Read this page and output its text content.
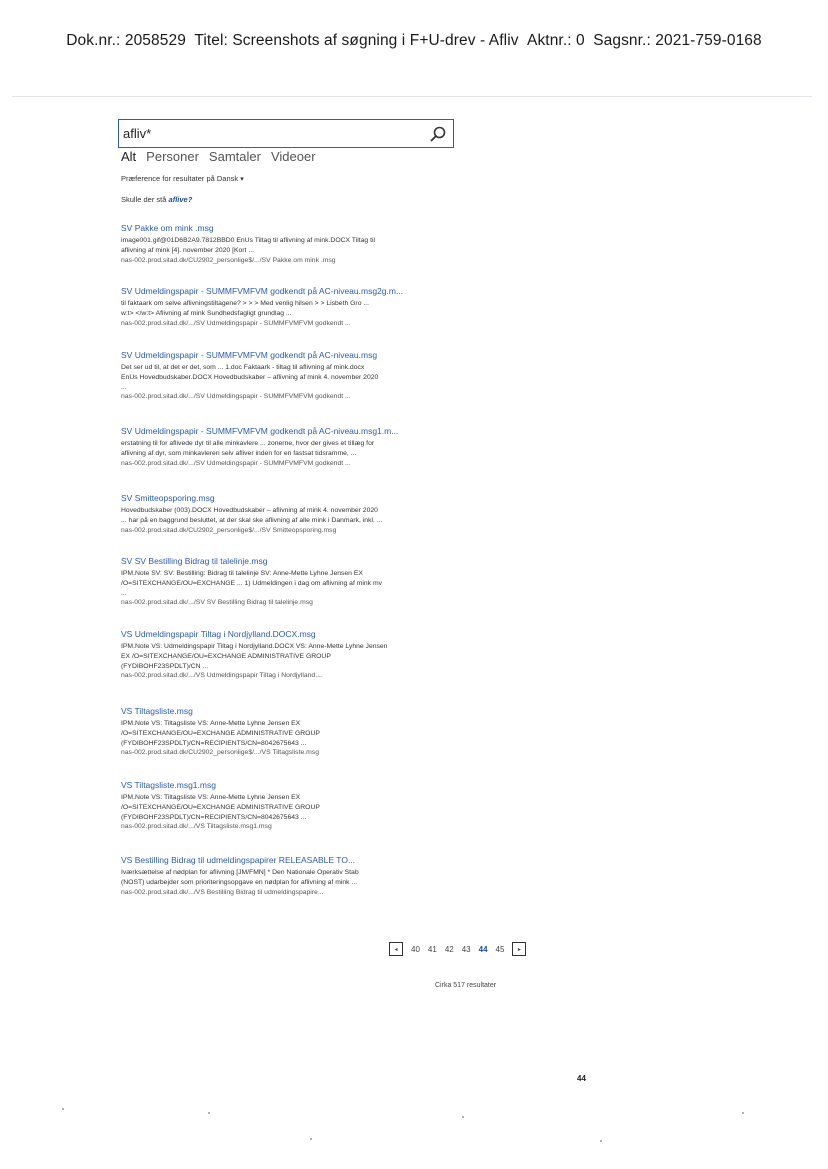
Dok.nr.: 2058529 Titel: Screenshots af søgning i F+U-drev - Afliv Aktnr.: 0 Sagsnr.: 2021-759-0168
afliv*
Alt Personer Samtaler Videoer
Præference for resultater på Dansk ▾
Skulle der stå aflive?
SV Pakke om mink .msg

image001.gif@01D6B2A9.7812BBD0 EnUs Tiltag til aflivning af mink.DOCX Tiltag til

aflivning af mink [4]. november 2020 [Kort ...

nas-002.prod.sitad.dk/CU2902_personlige$/.../SV Pakke om mink .msg
SV Udmeldingspapir - SUMMFVMFVM godkendt på AC-niveau.msg2g.m...

til faktaark om selve aflivningstiltagene? > > > Med venlig hilsen > > Lisbeth Gro ...

w:t> </w:t> Aflivning af mink Sundhedsfagligt grundlag ...

nas-002.prod.sitad.dk/.../SV Udmeldingspapir - SUMMFVMFVM godkendt ...
SV Udmeldingspapir - SUMMFVMFVM godkendt på AC-niveau.msg

Det ser ud til, at det er det, som ... 1.doc Faktaark - tiltag til aflivning af mink.docx

EnUs Hovedbudskaber.DOCX Hovedbudskaber – aflivning af mink 4. november 2020

...

nas-002.prod.sitad.dk/.../SV Udmeldingspapir - SUMMFVMFVM godkendt ...
SV Udmeldingspapir - SUMMFVMFVM godkendt på AC-niveau.msg1.m...

erstatning til for aflivede dyr til alle minkavlere ... zonerne, hvor der gives et tillæg for

aflivning af dyr, som minkavleren selv afliver inden for en fastsat tidsramme, ...

nas-002.prod.sitad.dk/.../SV Udmeldingspapir - SUMMFVMFVM godkendt ...
SV Smitteopsporing.msg

Hovedbudskaber (003).DOCX Hovedbudskaber – aflivning af mink 4. november 2020

... har på en baggrund besluttet, at der skal ske aflivning af alle mink i Danmark, inkl. ...

nas-002.prod.sitad.dk/CU2902_personlige$/.../SV Smitteopsporing.msg
SV SV Bestilling Bidrag til talelinje.msg

IPM.Note SV: SV: Bestilling: Bidrag til talelinje SV: Anne-Mette Lyhne Jensen EX

/O=SITEXCHANGE/OU=EXCHANGE ... 1) Udmeldingen i dag om aflivning af mink mv

...

nas-002.prod.sitad.dk/.../SV SV Bestilling Bidrag til talelinje.msg
VS Udmeldingspapir Tiltag i Nordjylland.DOCX.msg

IPM.Note VS: Udmeldingspapir Tiltag i Nordjylland.DOCX VS: Anne-Mette Lyhne Jensen

EX /O=SITEXCHANGE/OU=EXCHANGE ADMINISTRATIVE GROUP

(FYDIBOHF23SPDLT)/CN ...

nas-002.prod.sitad.dk/.../VS Udmeldingspapir Tiltag i Nordjylland....
VS Tiltagsliste.msg

IPM.Note VS: Tiltagsliste VS: Anne-Mette Lyhne Jensen EX

/O=SITEXCHANGE/OU=EXCHANGE ADMINISTRATIVE GROUP

(FYDIBOHF23SPDLT)/CN=RECIPIENTS/CN=8042675643 ...

nas-002.prod.sitad.dk/CU2902_personlige$/.../VS Tiltagsliste.msg
VS Tiltagsliste.msg1.msg

IPM.Note VS: Tiltagsliste VS: Anne-Mette Lyhne Jensen EX

/O=SITEXCHANGE/OU=EXCHANGE ADMINISTRATIVE GROUP

(FYDIBOHF23SPDLT)/CN=RECIPIENTS/CN=8042675643 ...

nas-002.prod.sitad.dk/.../VS Tiltagsliste.msg1.msg
VS Bestilling Bidrag til udmeldingspapirer RELEASABLE TO...

Iværksættelse af nødplan for aflivning [JM/FMN] * Den Nationale Operativ Stab

(NOST) udarbejder som prioriteringsopgave en nødplan for aflivning af mink ...

nas-002.prod.sitad.dk/.../VS Bestilling Bidrag til udmeldingspapire...
◂	40 41 42 43 44 45	▸
Cirka 517 resultater
44
